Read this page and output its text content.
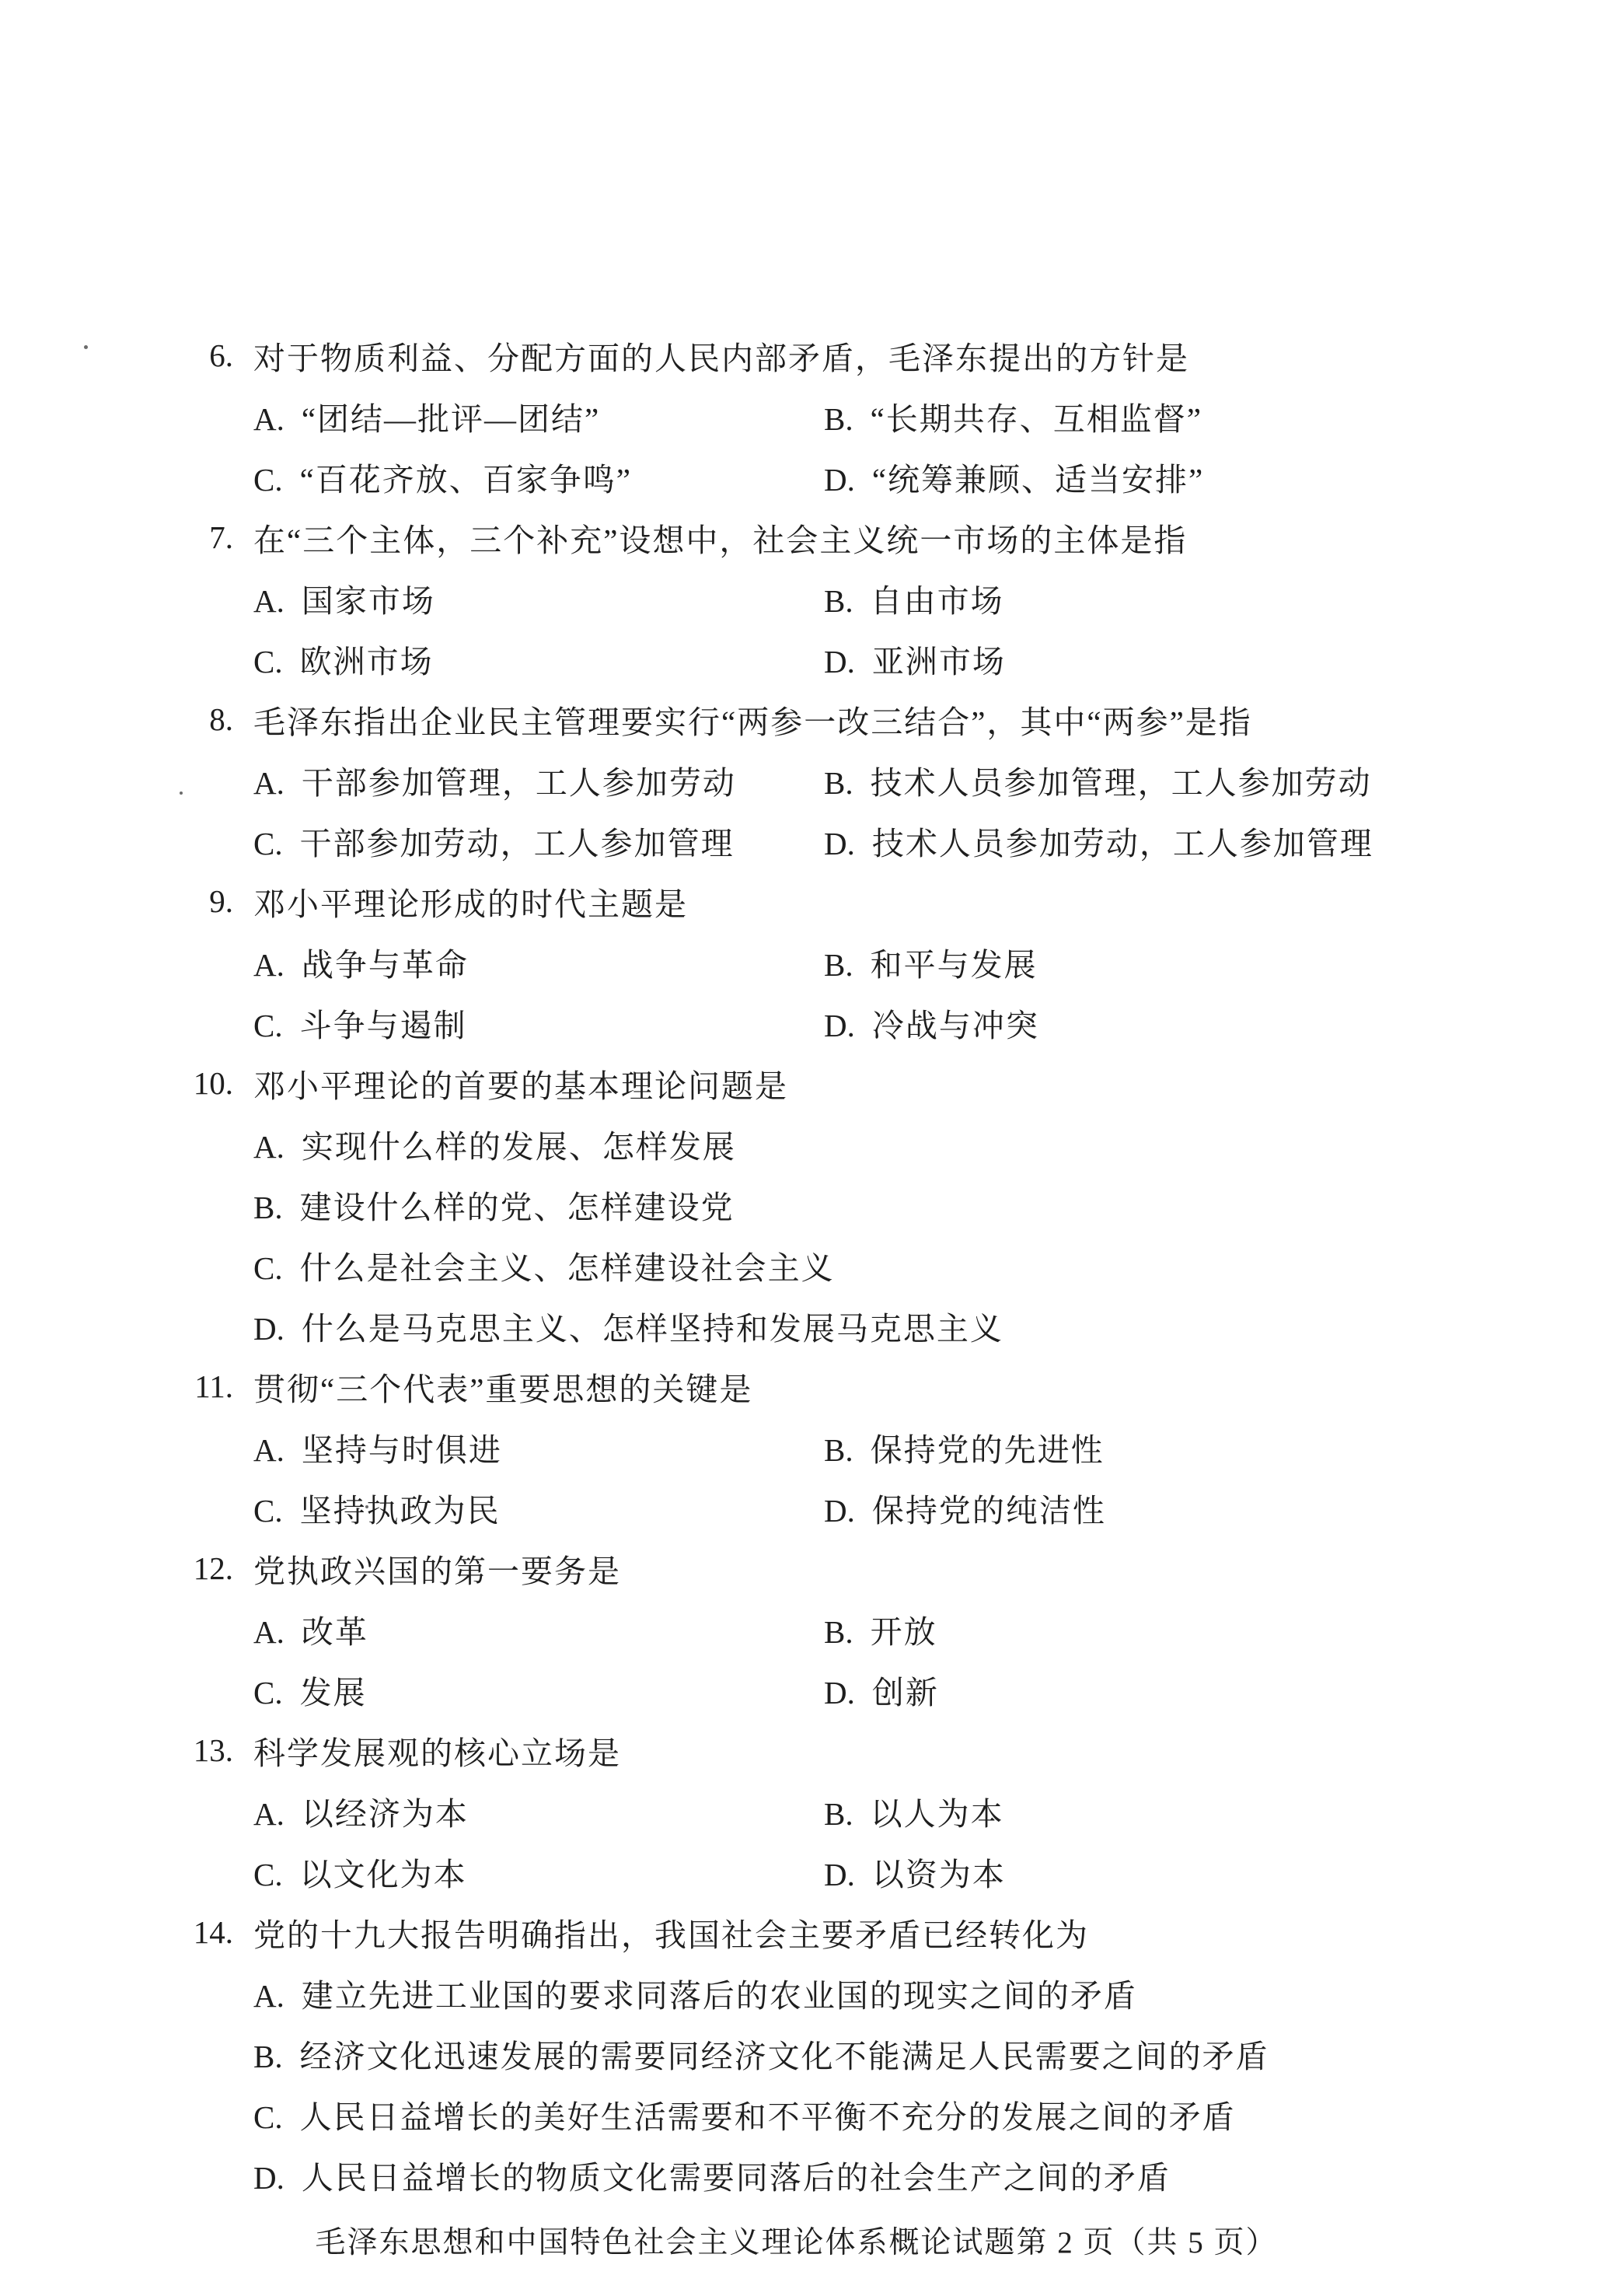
6. 对于物质利益、分配方面的人民内部矛盾，毛泽东提出的方针是
A. “团结—批评—团结”	B. “长期共存、互相监督”
C. “百花齐放、百家争鸣”	D. “统筹兼顾、适当安排”
7. 在“三个主体，三个补充”设想中，社会主义统一市场的主体是指
A. 国家市场	B. 自由市场
C. 欧洲市场	D. 亚洲市场
8. 毛泽东指出企业民主管理要实行“两参一改三结合”，其中“两参”是指
A. 干部参加管理，工人参加劳动	B. 技术人员参加管理，工人参加劳动
C. 干部参加劳动，工人参加管理	D. 技术人员参加劳动，工人参加管理
9. 邓小平理论形成的时代主题是
A. 战争与革命	B. 和平与发展
C. 斗争与遏制	D. 冷战与冲突
10. 邓小平理论的首要的基本理论问题是
A. 实现什么样的发展、怎样发展
B. 建设什么样的党、怎样建设党
C. 什么是社会主义、怎样建设社会主义
D. 什么是马克思主义、怎样坚持和发展马克思主义
11. 贯彻“三个代表”重要思想的关键是
A. 坚持与时俱进	B. 保持党的先进性
C. 坚持执政为民	D. 保持党的纯洁性
12. 党执政兴国的第一要务是
A. 改革	B. 开放
C. 发展	D. 创新
13. 科学发展观的核心立场是
A. 以经济为本	B. 以人为本
C. 以文化为本	D. 以资为本
14. 党的十九大报告明确指出，我国社会主要矛盾已经转化为
A. 建立先进工业国的要求同落后的农业国的现实之间的矛盾
B. 经济文化迅速发展的需要同经济文化不能满足人民需要之间的矛盾
C. 人民日益增长的美好生活需要和不平衡不充分的发展之间的矛盾
D. 人民日益增长的物质文化需要同落后的社会生产之间的矛盾
毛泽东思想和中国特色社会主义理论体系概论试题第 2 页（共 5 页）
